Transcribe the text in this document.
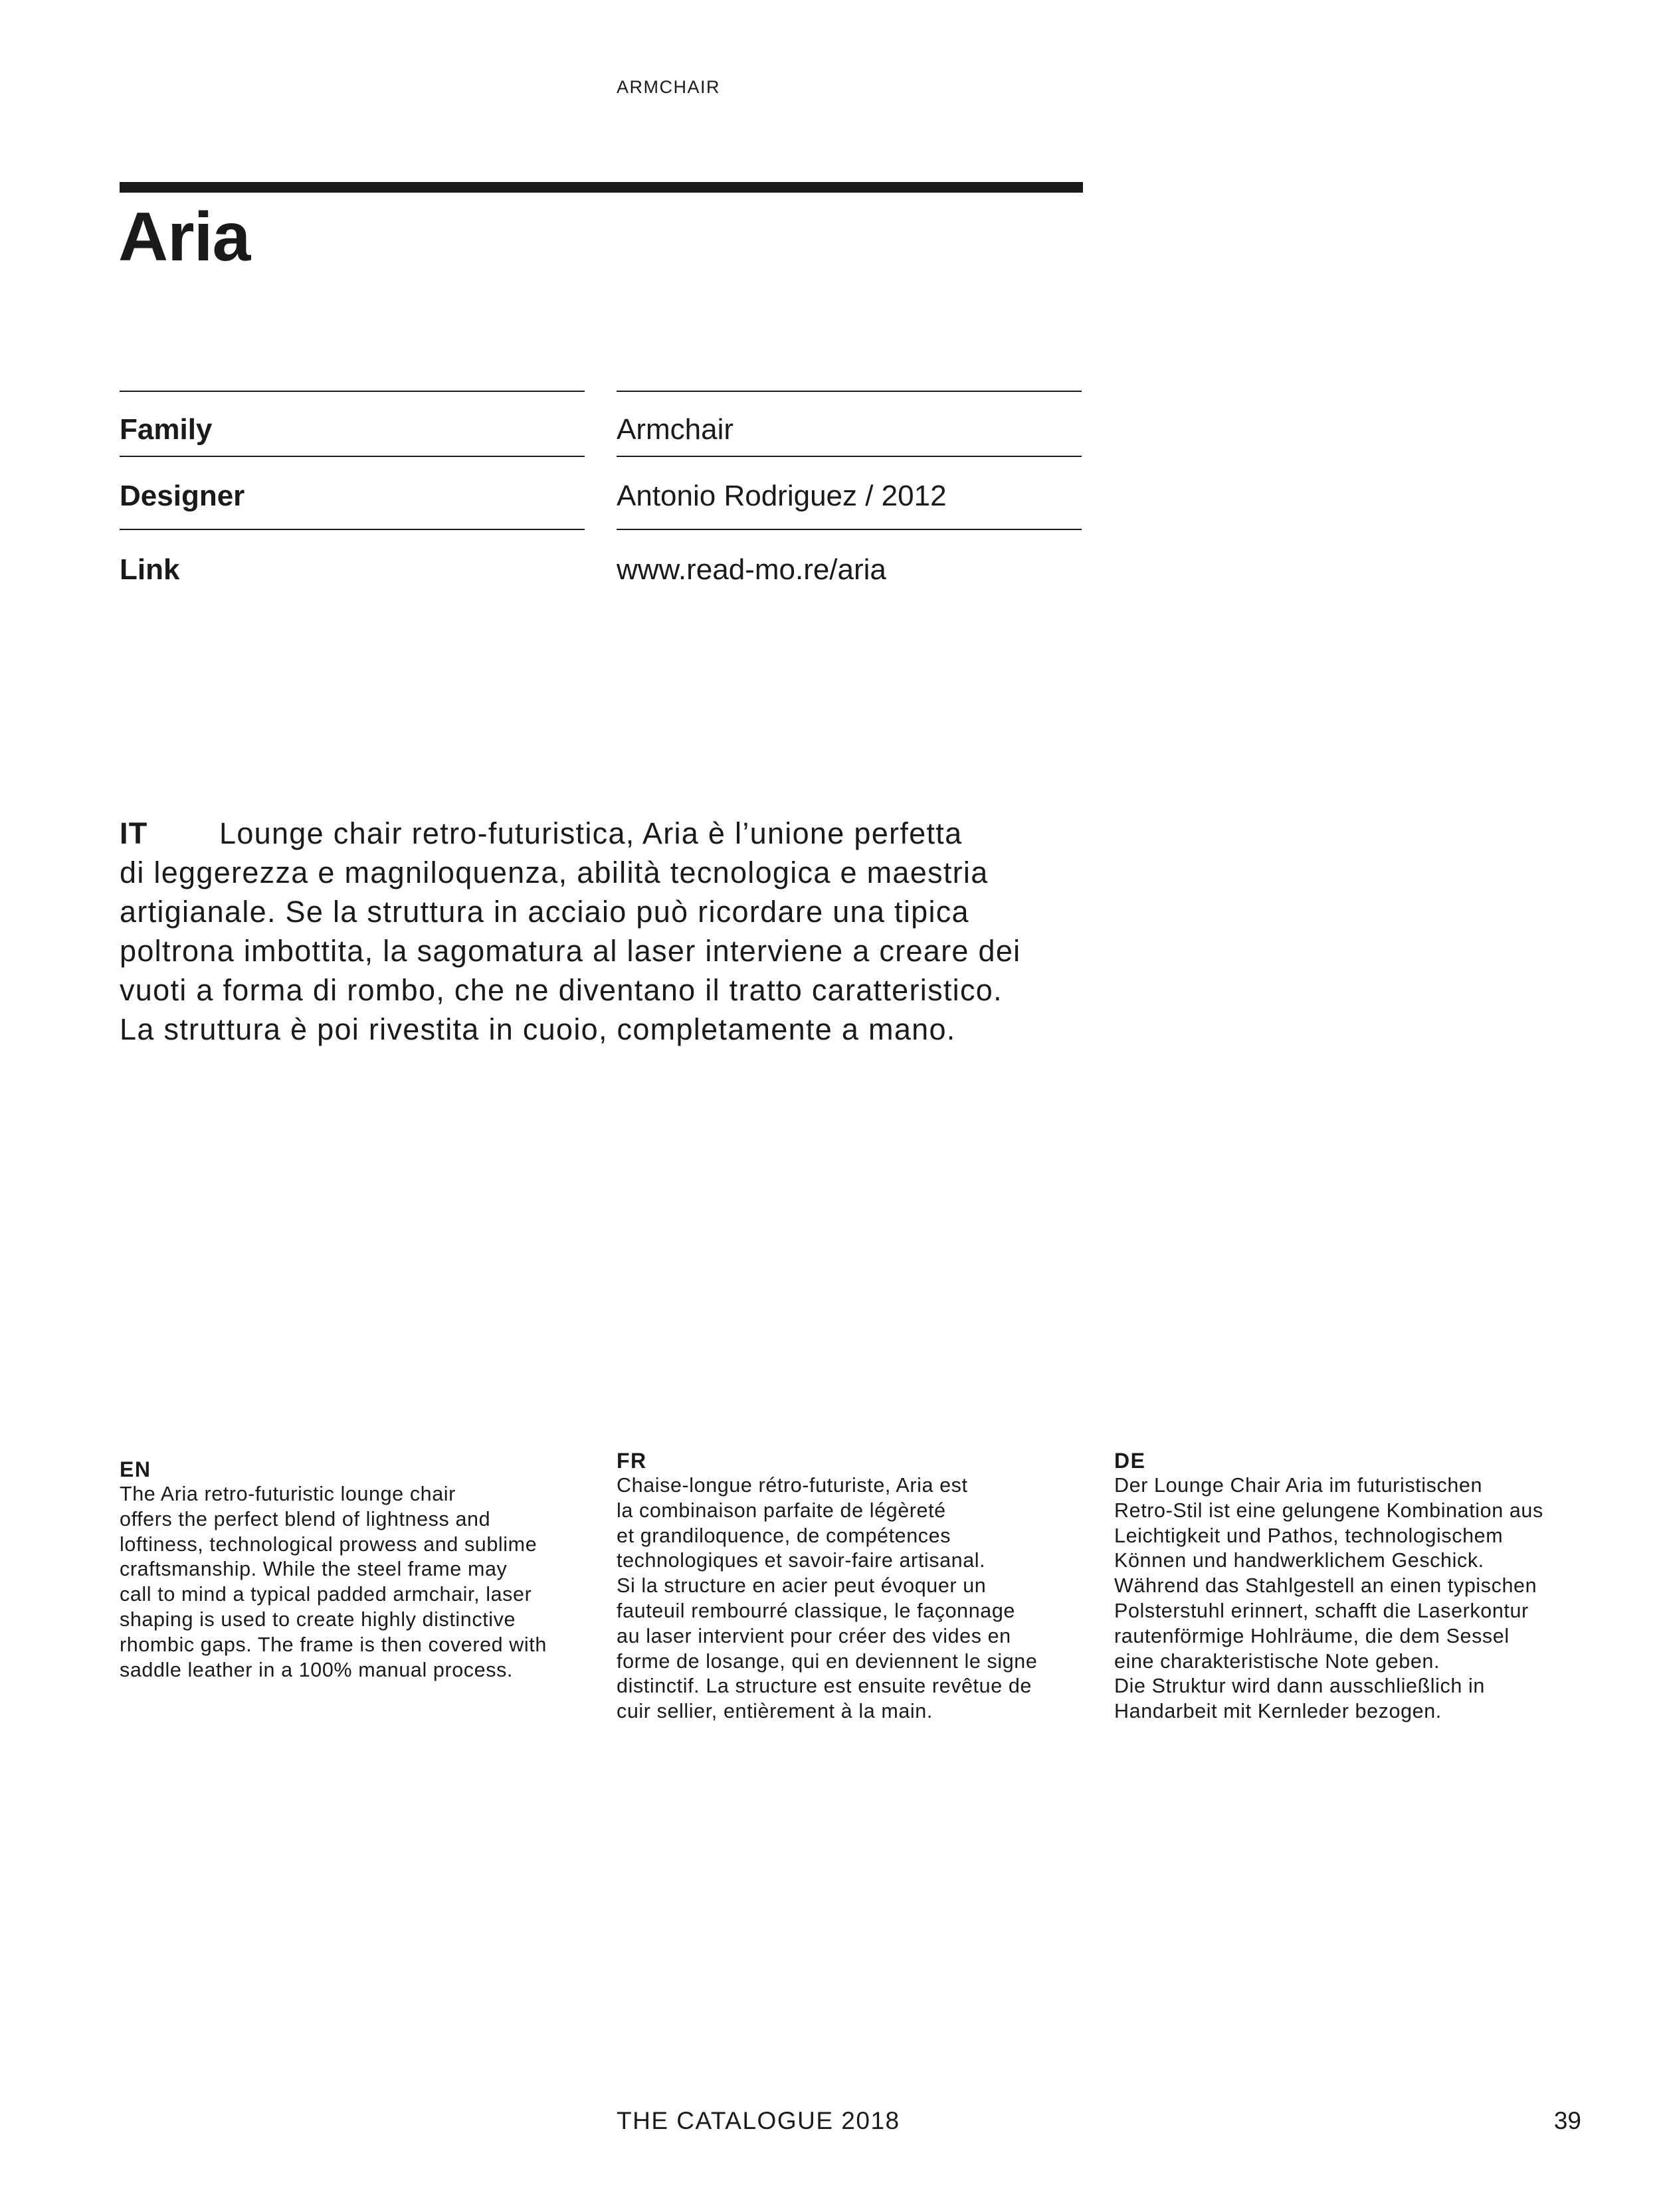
ARMCHAIR
Aria
Family	Armchair
Designer	Antonio Rodriguez / 2012
Link	www.read-mo.re/aria
IT Lounge chair retro-futuristica, Aria è l’unione perfetta
di leggerezza e magniloquenza, abilità tecnologica e maestria
artigianale. Se la struttura in acciaio può ricordare una tipica
poltrona imbottita, la sagomatura al laser interviene a creare dei
vuoti a forma di rombo, che ne diventano il tratto caratteristico.
La struttura è poi rivestita in cuoio, completamente a mano.
EN
The Aria retro-futuristic lounge chair
offers the perfect blend of lightness and
loftiness, technological prowess and sublime
craftsmanship. While the steel frame may
call to mind a typical padded armchair, laser
shaping is used to create highly distinctive
rhombic gaps. The frame is then covered with
saddle leather in a 100% manual process.
FR
Chaise-longue rétro-futuriste, Aria est
la combinaison parfaite de légèreté
et grandiloquence, de compétences
technologiques et savoir-faire artisanal.
Si la structure en acier peut évoquer un
fauteuil rembourré classique, le façonnage
au laser intervient pour créer des vides en
forme de losange, qui en deviennent le signe
distinctif. La structure est ensuite revêtue de
cuir sellier, entièrement à la main.
DE
Der Lounge Chair Aria im futuristischen
Retro-Stil ist eine gelungene Kombination aus
Leichtigkeit und Pathos, technologischem
Können und handwerklichem Geschick.
Während das Stahlgestell an einen typischen
Polsterstuhl erinnert, schafft die Laserkontur
rautenförmige Hohlräume, die dem Sessel
eine charakteristische Note geben.
Die Struktur wird dann ausschließlich in
Handarbeit mit Kernleder bezogen.
THE CATALOGUE 2018	39
